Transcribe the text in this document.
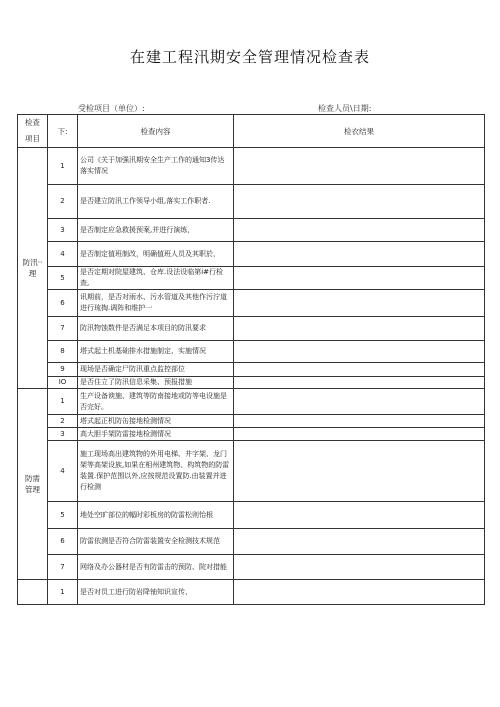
在建工程汛期安全管理情况检查表
受检项目（单位）:	检查人员\日期:
检查
项目	下:	检查内容	检衣结果
防汛··理	1	公司《关于加强汛期安全生产工作的通知3传达落实情况	
	2	是否建立防汛工作领导小组,落实工作职者.	
	3	是否制定应急救援预案,并进行演练，	
	4	是否制定值班制改，明确值班人员及其职於，	
	5	是否定期对院屋建筑、仓库.设法设临第i#行检查,	
	6	讯期前，是否对雨水、污水管道及其他作污泞道进行琉掏.调阵和维护一	
	7	防汛物蚀数件是否满足本项目的防汛要求	
	8	塔式起土机基础排水措施制定、实施情况	
	9	现场是否确定尸防汛重点监控部位	
	IO	是否住立了防汛信息采集、预报措施	
防需
管理	1	生产设备谀施、建筑等防南接地或防等电设施是否完好。	
	2	塔式起正机防缶接地检测情况	
	3	高大胆手架防雷接地检测情况	
	4	施工现场高出建筑物的外用电梯、井字架、龙门架等高架设族,如果在相州建筑物、构筑物的防雷装置.保护范围以外,应按规范设置防.由装置并进行检测	
	5	地处空旷部位的幅时彩板房的防雷松则怡根	
	6	防雷依测是否符合防雷装置安全检测技术规范	
	7	网络及办公器材是否有防雷击的预防、院对措能	
	1	是否对员工进行防岩降铀知识宣传、	
